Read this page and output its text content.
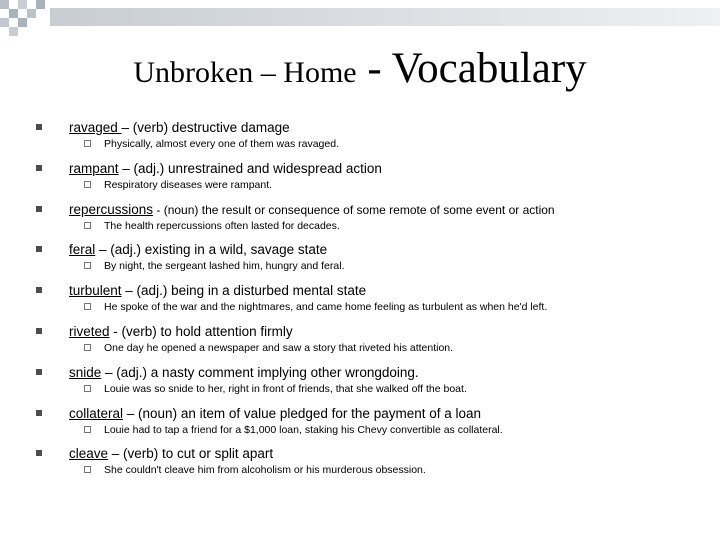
Unbroken – Home - Vocabulary
ravaged – (verb) destructive damage
Physically, almost every one of them was ravaged.
rampant – (adj.) unrestrained and widespread action
Respiratory diseases were rampant.
repercussions - (noun) the result or consequence of some remote of some event or action
The health repercussions often lasted for decades.
feral – (adj.) existing in a wild, savage state
By night, the sergeant lashed him, hungry and feral.
turbulent – (adj.) being in a disturbed mental state
He spoke of the war and the nightmares, and came home feeling as turbulent as when he'd left.
riveted - (verb) to hold attention firmly
One day he opened a newspaper and saw a story that riveted his attention.
snide – (adj.) a nasty comment implying other wrongdoing.
Louie was so snide to her, right in front of friends, that she walked off the boat.
collateral – (noun) an item of value pledged for the payment of a loan
Louie had to tap a friend for a $1,000 loan, staking his Chevy convertible as collateral.
cleave – (verb) to cut or split apart
She couldn't cleave him from alcoholism or his murderous obsession.
